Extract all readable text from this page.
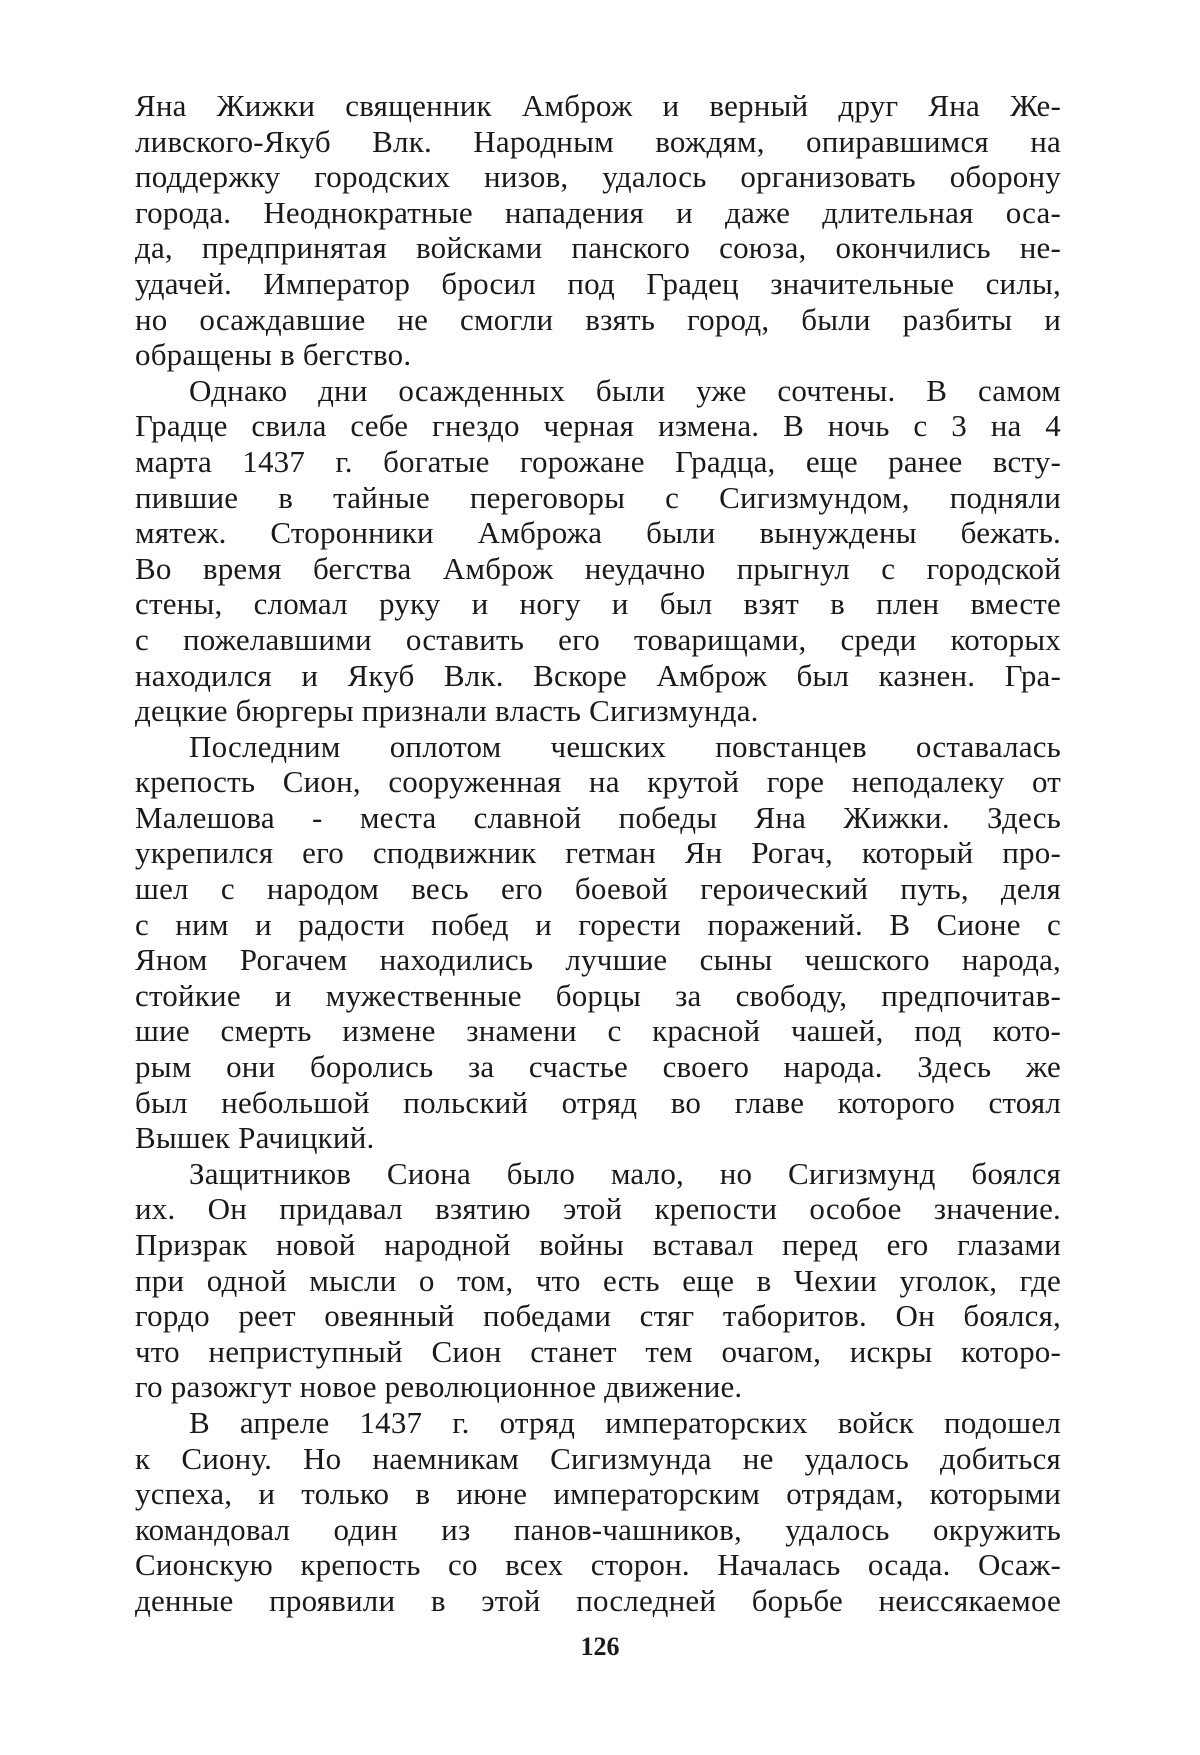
Яна Жижки священник Амброж и верный друг Яна Же-
ливского-Якуб Влк. Народным вождям, опиравшимся на
поддержку городских низов, удалось организовать оборону
города. Неоднократные нападения и даже длительная оса-
да, предпринятая войсками панского союза, окончились не-
удачей. Император бросил под Градец значительные силы,
но осаждавшие не смогли взять город, были разбиты и
обращены в бегство.
Однако дни осажденных были уже сочтены. В самом
Градце свила себе гнездо черная измена. В ночь с 3 на 4
марта 1437 г. богатые горожане Градца, еще ранее всту-
пившие в тайные переговоры с Сигизмундом, подняли
мятеж. Сторонники Амброжа были вынуждены бежать.
Во время бегства Амброж неудачно прыгнул с городской
стены, сломал руку и ногу и был взят в плен вместе
с пожелавшими оставить его товарищами, среди которых
находился и Якуб Влк. Вскоре Амброж был казнен. Гра-
децкие бюргеры признали власть Сигизмунда.
Последним оплотом чешских повстанцев оставалась
крепость Сион, сооруженная на крутой горе неподалеку от
Малешова - места славной победы Яна Жижки. Здесь
укрепился его сподвижник гетман Ян Рогач, который про-
шел с народом весь его боевой героический путь, деля
с ним и радости побед и горести поражений. В Сионе с
Яном Рогачем находились лучшие сыны чешского народа,
стойкие и мужественные борцы за свободу, предпочитав-
шие смерть измене знамени с красной чашей, под кото-
рым они боролись за счастье своего народа. Здесь же
был небольшой польский отряд во главе которого стоял
Вышек Рачицкий.
Защитников Сиона было мало, но Сигизмунд боялся
их. Он придавал взятию этой крепости особое значение.
Призрак новой народной войны вставал перед его глазами
при одной мысли о том, что есть еще в Чехии уголок, где
гордо реет овеянный победами стяг таборитов. Он боялся,
что неприступный Сион станет тем очагом, искры которо-
го разожгут новое революционное движение.
В апреле 1437 г. отряд императорских войск подошел
к Сиону. Но наемникам Сигизмунда не удалось добиться
успеха, и только в июне императорским отрядам, которыми
командовал один из панов-чашников, удалось окружить
Сионскую крепость со всех сторон. Началась осада. Осаж-
денные проявили в этой последней борьбе неиссякаемое
126
